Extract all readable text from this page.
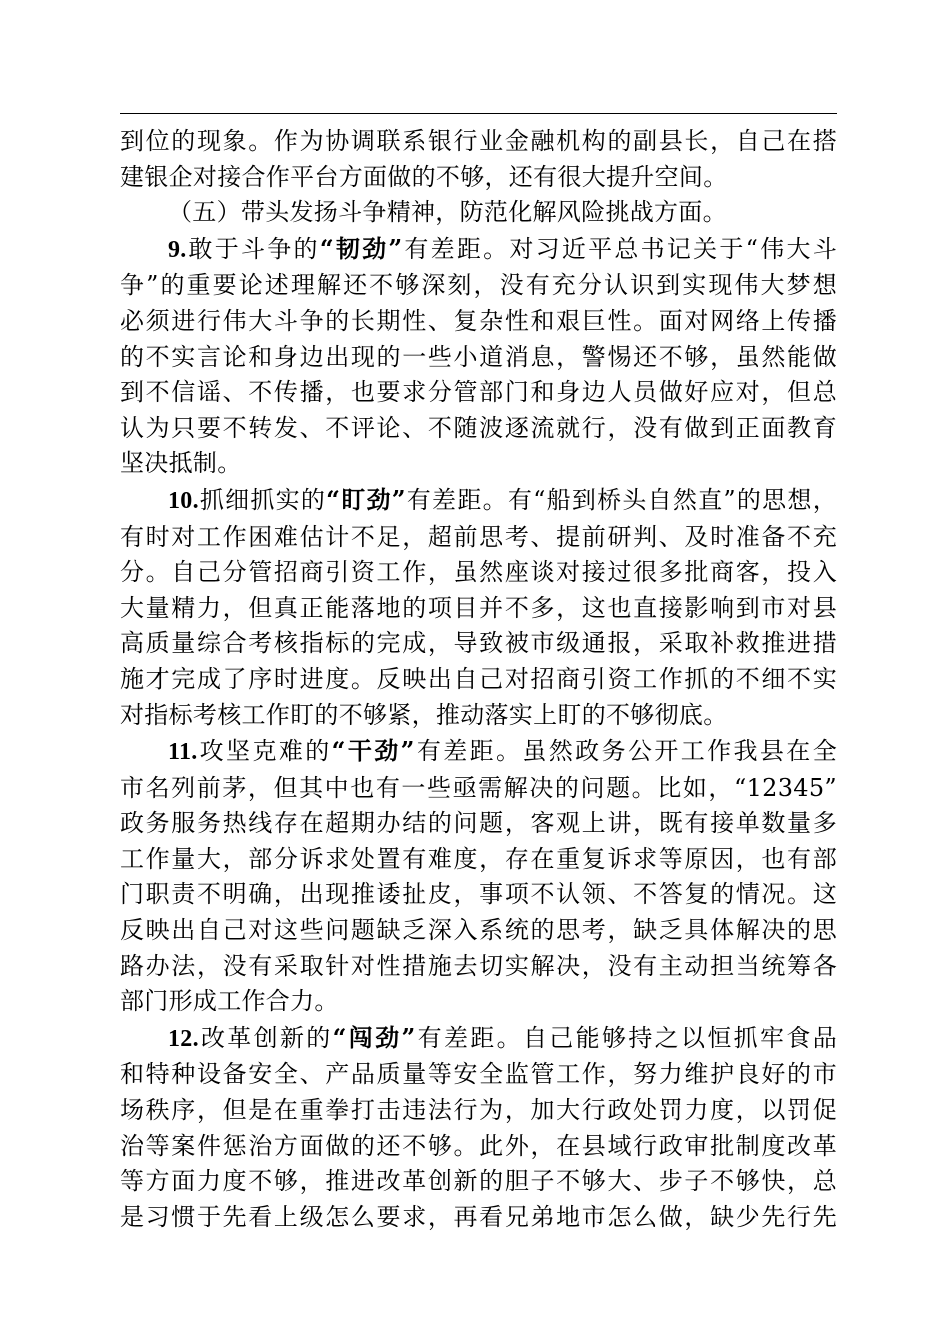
到位的现象。作为协调联系银行业金融机构的副县长，自己在搭
建银企对接合作平台方面做的不够，还有很大提升空间。

（五）带头发扬斗争精神，防范化解风险挑战方面。

9.敢于斗争的“韧劲”有差距。对习近平总书记关于“伟大斗
争”的重要论述理解还不够深刻，没有充分认识到实现伟大梦想
必须进行伟大斗争的长期性、复杂性和艰巨性。面对网络上传播
的不实言论和身边出现的一些小道消息，警惕还不够，虽然能做
到不信谣、不传播，也要求分管部门和身边人员做好应对，但总
认为只要不转发、不评论、不随波逐流就行，没有做到正面教育
坚决抵制。

10.抓细抓实的“盯劲”有差距。有“船到桥头自然直”的思想，
有时对工作困难估计不足，超前思考、提前研判、及时准备不充
分。自己分管招商引资工作，虽然座谈对接过很多批商客，投入
大量精力，但真正能落地的项目并不多，这也直接影响到市对县
高质量综合考核指标的完成，导致被市级通报，采取补救推进措
施才完成了序时进度。反映出自己对招商引资工作抓的不细不实
对指标考核工作盯的不够紧，推动落实上盯的不够彻底。

11.攻坚克难的“干劲”有差距。虽然政务公开工作我县在全
市名列前茅，但其中也有一些亟需解决的问题。比如，“12345”
政务服务热线存在超期办结的问题，客观上讲，既有接单数量多
工作量大，部分诉求处置有难度，存在重复诉求等原因，也有部
门职责不明确，出现推诿扯皮，事项不认领、不答复的情况。这
反映出自己对这些问题缺乏深入系统的思考，缺乏具体解决的思
路办法，没有采取针对性措施去切实解决，没有主动担当统筹各
部门形成工作合力。

12.改革创新的“闯劲”有差距。自己能够持之以恒抓牢食品
和特种设备安全、产品质量等安全监管工作，努力维护良好的市
场秩序，但是在重拳打击违法行为，加大行政处罚力度，以罚促
治等案件惩治方面做的还不够。此外，在县域行政审批制度改革
等方面力度不够，推进改革创新的胆子不够大、步子不够快，总
是习惯于先看上级怎么要求，再看兄弟地市怎么做，缺少先行先
